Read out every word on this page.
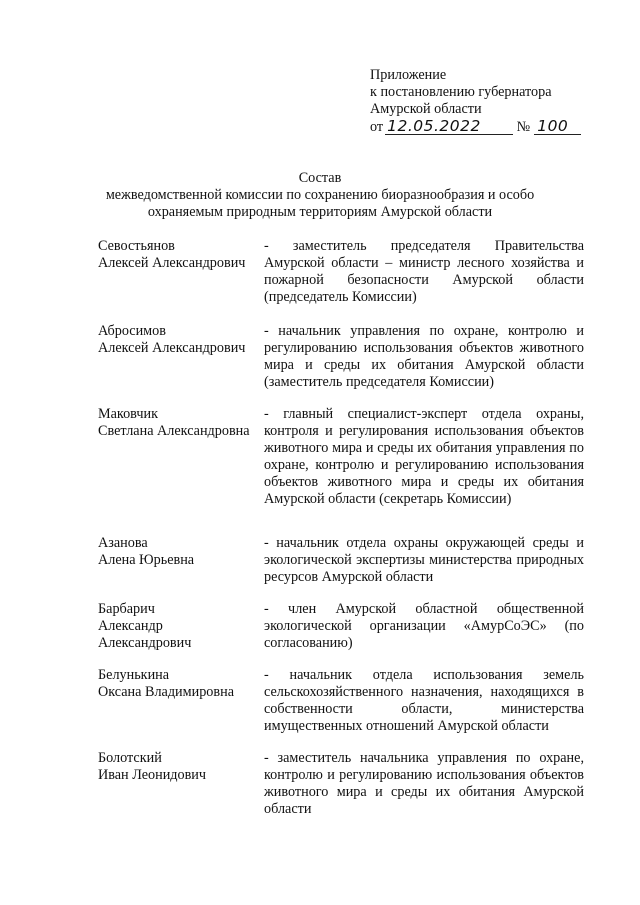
Приложение
к постановлению губернатора
Амурской области
от 12.05.2022	№ 100
Состав
межведомственной комиссии по сохранению биоразнообразия и особо
охраняемым природным территориям Амурской области
Севостьянов
Алексей Александрович
- заместитель председателя Правительства Амурской области – министр лесного хозяйства и пожарной безопасности Амурской области (председатель Комиссии)
Абросимов
Алексей Александрович
- начальник управления по охране, контролю и регулированию использования объектов животного мира и среды их обитания Амурской области (заместитель председателя Комиссии)
Маковчик
Светлана Александровна
- главный специалист-эксперт отдела охраны, контроля и регулирования использования объектов животного мира и среды их обитания управления по охране, контролю и регулированию использования объектов животного мира и среды их обитания Амурской области (секретарь Комиссии)
Азанова
Алена Юрьевна
- начальник отдела охраны окружающей среды и экологической экспертизы министерства природных ресурсов Амурской области
Барбарич
Александр
Александрович
- член Амурской областной общественной экологической организации «АмурСоЭС» (по согласованию)
Белунькина
Оксана Владимировна
- начальник отдела использования земель сельскохозяйственного назначения, находящихся в собственности области, министерства имущественных отношений Амурской области
Болотский
Иван Леонидович
- заместитель начальника управления по охране, контролю и регулированию использования объектов животного мира и среды их обитания Амурской области
